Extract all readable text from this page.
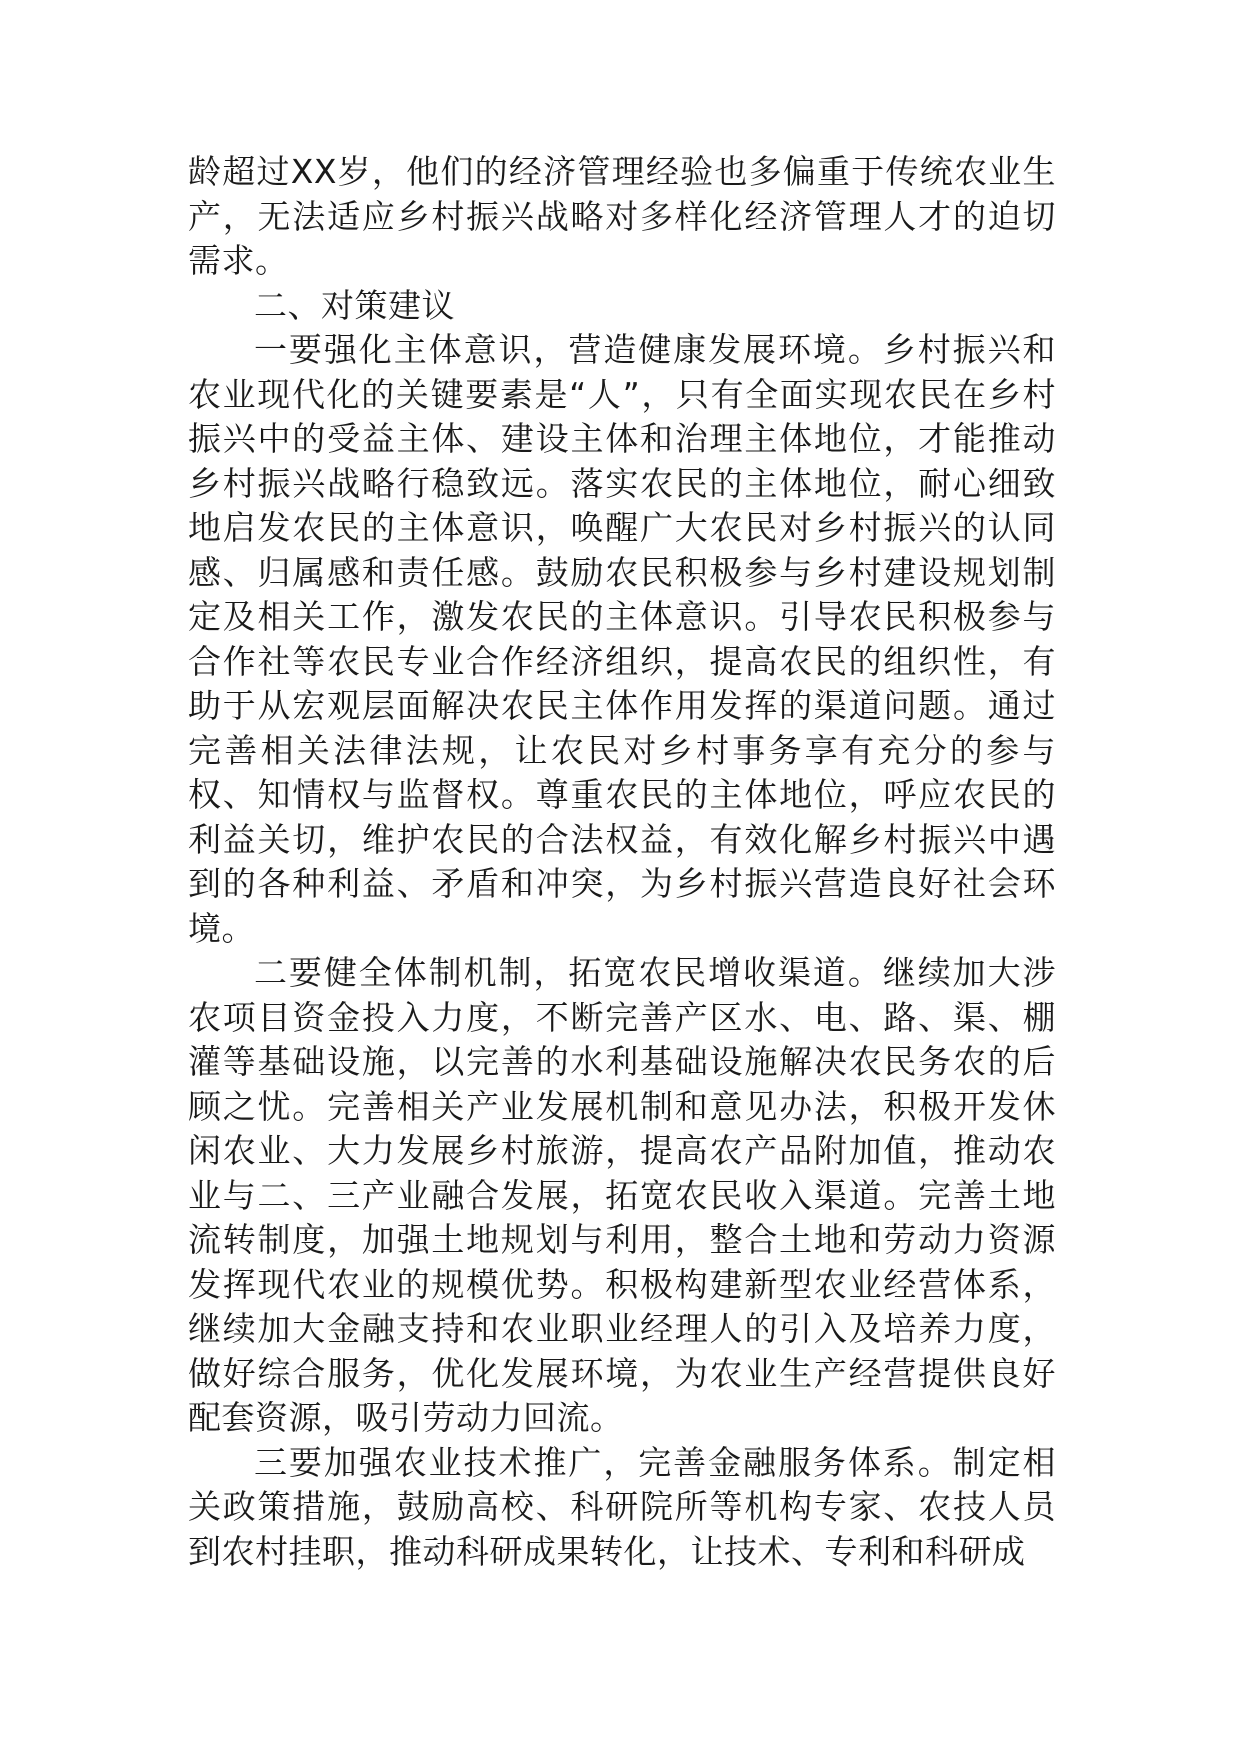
龄超过XX岁，他们的经济管理经验也多偏重于传统农业生产，无法适应乡村振兴战略对多样化经济管理人才的迫切需求。

二、对策建议

一要强化主体意识，营造健康发展环境。乡村振兴和农业现代化的关键要素是“人”，只有全面实现农民在乡村振兴中的受益主体、建设主体和治理主体地位，才能推动乡村振兴战略行稳致远。落实农民的主体地位，耐心细致地启发农民的主体意识，唤醒广大农民对乡村振兴的认同感、归属感和责任感。鼓励农民积极参与乡村建设规划制定及相关工作，激发农民的主体意识。引导农民积极参与合作社等农民专业合作经济组织，提高农民的组织性，有助于从宏观层面解决农民主体作用发挥的渠道问题。通过完善相关法律法规，让农民对乡村事务享有充分的参与权、知情权与监督权。尊重农民的主体地位，呼应农民的利益关切，维护农民的合法权益，有效化解乡村振兴中遇到的各种利益、矛盾和冲突，为乡村振兴营造良好社会环境。

二要健全体制机制，拓宽农民增收渠道。继续加大涉农项目资金投入力度，不断完善产区水、电、路、渠、棚灌等基础设施，以完善的水利基础设施解决农民务农的后顾之忧。完善相关产业发展机制和意见办法，积极开发休闲农业、大力发展乡村旅游，提高农产品附加值，推动农业与二、三产业融合发展，拓宽农民收入渠道。完善土地流转制度，加强土地规划与利用，整合土地和劳动力资源发挥现代农业的规模优势。积极构建新型农业经营体系，继续加大金融支持和农业职业经理人的引入及培养力度，做好综合服务，优化发展环境，为农业生产经营提供良好配套资源，吸引劳动力回流。

三要加强农业技术推广，完善金融服务体系。制定相关政策措施，鼓励高校、科研院所等机构专家、农技人员到农村挂职，推动科研成果转化，让技术、专利和科研成
